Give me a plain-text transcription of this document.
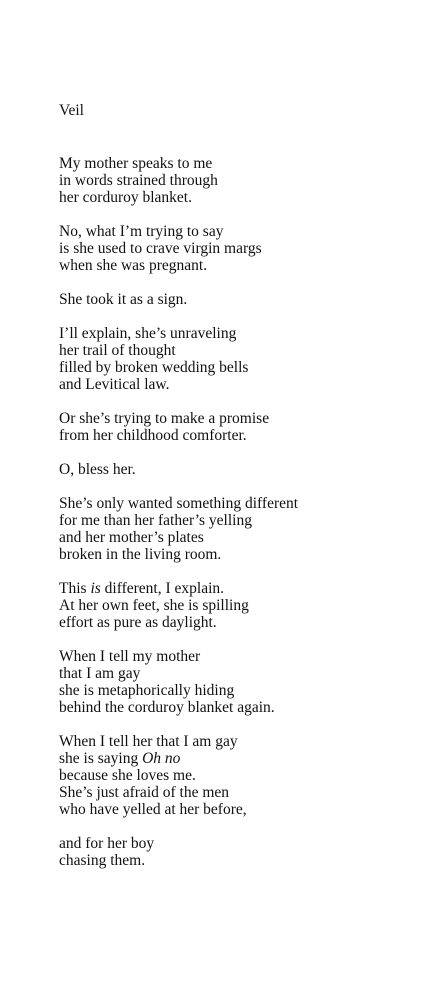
Veil

My mother speaks to me
in words strained through
her corduroy blanket.

No, what I’m trying to say
is she used to crave virgin margs
when she was pregnant.

She took it as a sign.

I’ll explain, she’s unraveling
her trail of thought
filled by broken wedding bells
and Levitical law.

Or she’s trying to make a promise
from her childhood comforter.

O, bless her.

She’s only wanted something different
for me than her father’s yelling
and her mother’s plates
broken in the living room.

This is different, I explain.
At her own feet, she is spilling
effort as pure as daylight.

When I tell my mother
that I am gay
she is metaphorically hiding
behind the corduroy blanket again.

When I tell her that I am gay
she is saying Oh no
because she loves me.
She’s just afraid of the men
who have yelled at her before,

and for her boy
chasing them.
